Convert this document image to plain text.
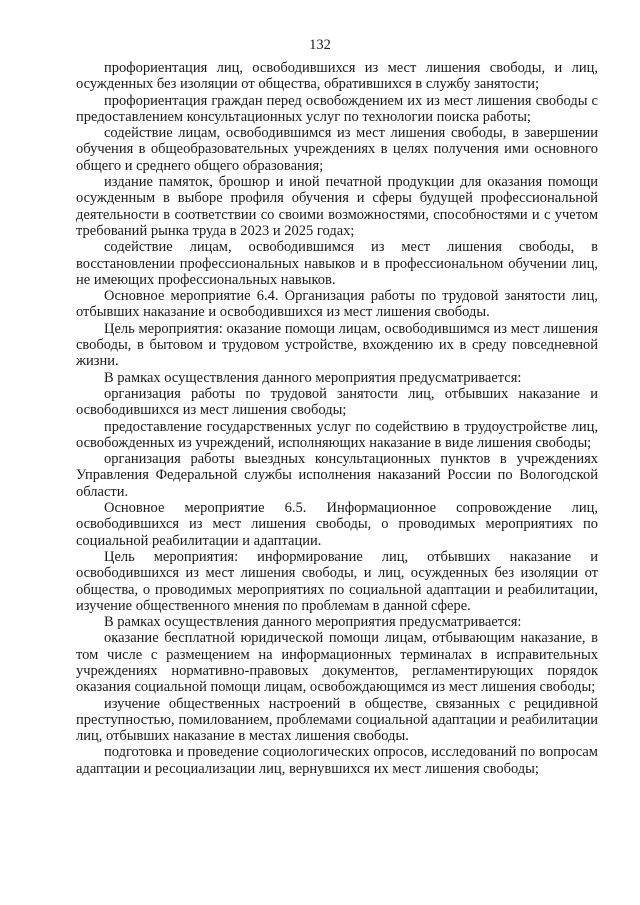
132

профориентация лиц, освободившихся из мест лишения свободы, и лиц, осужденных без изоляции от общества, обратившихся в службу занятости;

профориентация граждан перед освобождением их из мест лишения свободы с предоставлением консультационных услуг по технологии поиска работы;

содействие лицам, освободившимся из мест лишения свободы, в завершении обучения в общеобразовательных учреждениях в целях получения ими основного общего и среднего общего образования;

издание памяток, брошюр и иной печатной продукции для оказания помощи осужденным в выборе профиля обучения и сферы будущей профессиональной деятельности в соответствии со своими возможностями, способностями и с учетом требований рынка труда в 2023 и 2025 годах;

содействие лицам, освободившимся из мест лишения свободы, в восстановлении профессиональных навыков и в профессиональном обучении лиц, не имеющих профессиональных навыков.

Основное мероприятие 6.4. Организация работы по трудовой занятости лиц, отбывших наказание и освободившихся из мест лишения свободы.

Цель мероприятия: оказание помощи лицам, освободившимся из мест лишения свободы, в бытовом и трудовом устройстве, вхождению их в среду повседневной жизни.

В рамках осуществления данного мероприятия предусматривается:

организация работы по трудовой занятости лиц, отбывших наказание и освободившихся из мест лишения свободы;

предоставление государственных услуг по содействию в трудоустройстве лиц, освобожденных из учреждений, исполняющих наказание в виде лишения свободы;

организация работы выездных консультационных пунктов в учреждениях Управления Федеральной службы исполнения наказаний России по Вологодской области.

Основное мероприятие 6.5. Информационное сопровождение лиц, освободившихся из мест лишения свободы, о проводимых мероприятиях по социальной реабилитации и адаптации.

Цель мероприятия: информирование лиц, отбывших наказание и освободившихся из мест лишения свободы, и лиц, осужденных без изоляции от общества, о проводимых мероприятиях по социальной адаптации и реабилитации, изучение общественного мнения по проблемам в данной сфере.

В рамках осуществления данного мероприятия предусматривается:

оказание бесплатной юридической помощи лицам, отбывающим наказание, в том числе с размещением на информационных терминалах в исправительных учреждениях нормативно-правовых документов, регламентирующих порядок оказания социальной помощи лицам, освобождающимся из мест лишения свободы;

изучение общественных настроений в обществе, связанных с рецидивной преступностью, помилованием, проблемами социальной адаптации и реабилитации лиц, отбывших наказание в местах лишения свободы.

подготовка и проведение социологических опросов, исследований по вопросам адаптации и ресоциализации лиц, вернувшихся их мест лишения свободы;
